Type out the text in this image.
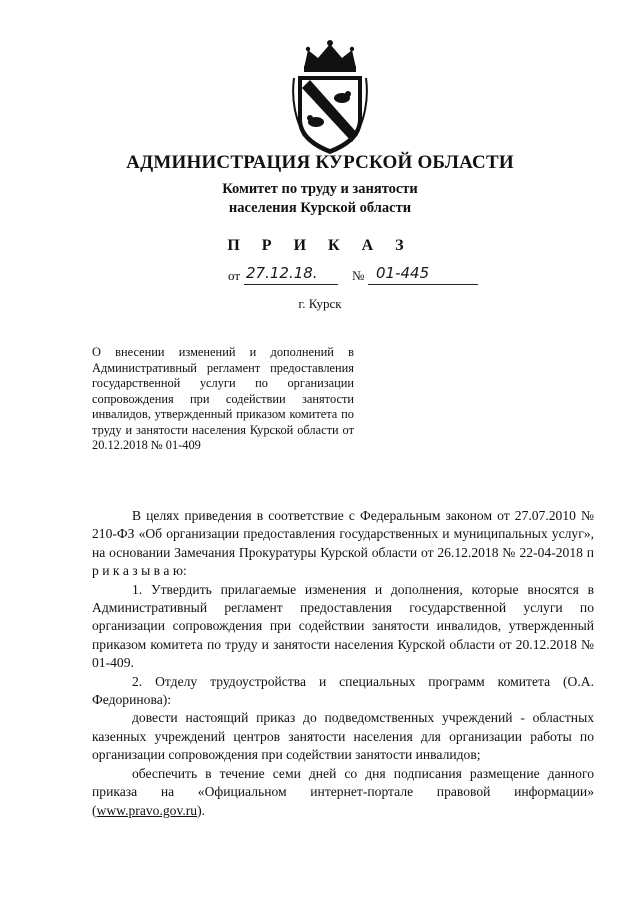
АДМИНИСТРАЦИЯ КУРСКОЙ ОБЛАСТИ
Комитет по труду и занятости
населения Курской области
П Р И К А З
от 27.12.18.	№ 01-445
г. Курск
О внесении изменений и дополнений в Административный регламент предоставления государственной услуги по организации сопровождения при содействии занятости инвалидов, утвержденный приказом комитета по труду и занятости населения Курской области от 20.12.2018 № 01-409

В целях приведения в соответствие с Федеральным законом от 27.07.2010 № 210-ФЗ «Об организации предоставления государственных и муниципальных услуг», на основании Замечания Прокуратуры Курской области от 26.12.2018 № 22-04-2018 п р и к а з ы в а ю:

1. Утвердить прилагаемые изменения и дополнения, которые вносятся в Административный регламент предоставления государственной услуги по организации сопровождения при содействии занятости инвалидов, утвержденный приказом комитета по труду и занятости населения Курской области от 20.12.2018 № 01-409.

2. Отделу трудоустройства и специальных программ комитета (О.А. Федоринова):

довести настоящий приказ до подведомственных учреждений - областных казенных учреждений центров занятости населения для организации работы по организации сопровождения при содействии занятости инвалидов;

обеспечить в течение семи дней со дня подписания размещение данного приказа на «Официальном интернет-портале правовой информации» (www.pravo.gov.ru).
